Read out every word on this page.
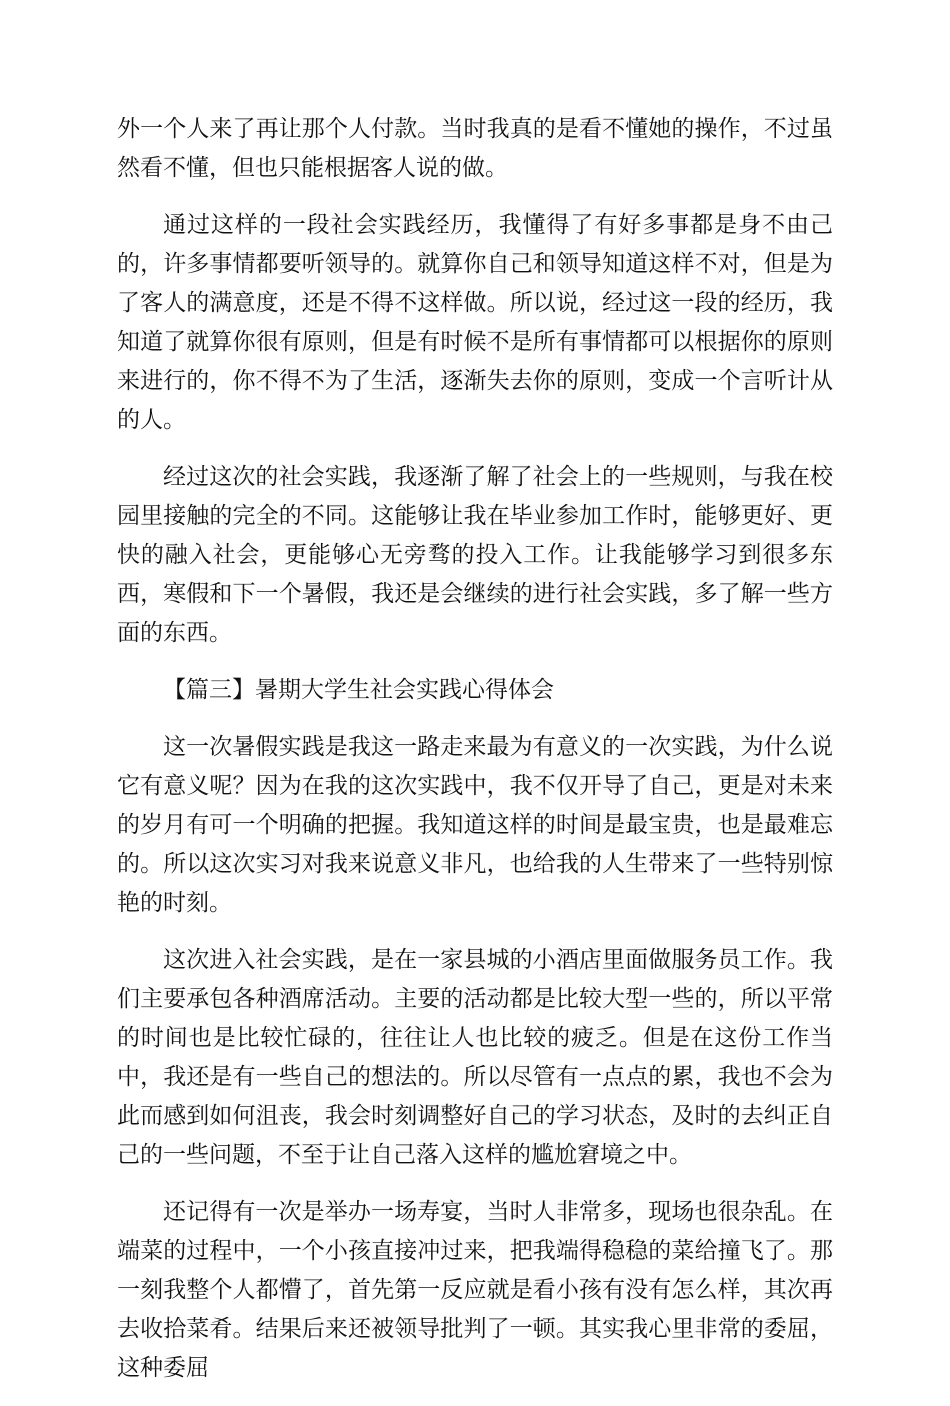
外一个人来了再让那个人付款。当时我真的是看不懂她的操作，不过虽然看不懂，但也只能根据客人说的做。

通过这样的一段社会实践经历，我懂得了有好多事都是身不由己的，许多事情都要听领导的。就算你自己和领导知道这样不对，但是为了客人的满意度，还是不得不这样做。所以说，经过这一段的经历，我知道了就算你很有原则，但是有时候不是所有事情都可以根据你的原则来进行的，你不得不为了生活，逐渐失去你的原则，变成一个言听计从的人。

经过这次的社会实践，我逐渐了解了社会上的一些规则，与我在校园里接触的完全的不同。这能够让我在毕业参加工作时，能够更好、更快的融入社会，更能够心无旁骛的投入工作。让我能够学习到很多东西，寒假和下一个暑假，我还是会继续的进行社会实践，多了解一些方面的东西。

【篇三】暑期大学生社会实践心得体会

这一次暑假实践是我这一路走来最为有意义的一次实践，为什么说它有意义呢？因为在我的这次实践中，我不仅开导了自己，更是对未来的岁月有可一个明确的把握。我知道这样的时间是最宝贵，也是最难忘的。所以这次实习对我来说意义非凡，也给我的人生带来了一些特别惊艳的时刻。

这次进入社会实践，是在一家县城的小酒店里面做服务员工作。我们主要承包各种酒席活动。主要的活动都是比较大型一些的，所以平常的时间也是比较忙碌的，往往让人也比较的疲乏。但是在这份工作当中，我还是有一些自己的想法的。所以尽管有一点点的累，我也不会为此而感到如何沮丧，我会时刻调整好自己的学习状态，及时的去纠正自己的一些问题，不至于让自己落入这样的尴尬窘境之中。

还记得有一次是举办一场寿宴，当时人非常多，现场也很杂乱。在端菜的过程中，一个小孩直接冲过来，把我端得稳稳的菜给撞飞了。那一刻我整个人都懵了，首先第一反应就是看小孩有没有怎么样，其次再去收拾菜肴。结果后来还被领导批判了一顿。其实我心里非常的委屈，这种委屈
